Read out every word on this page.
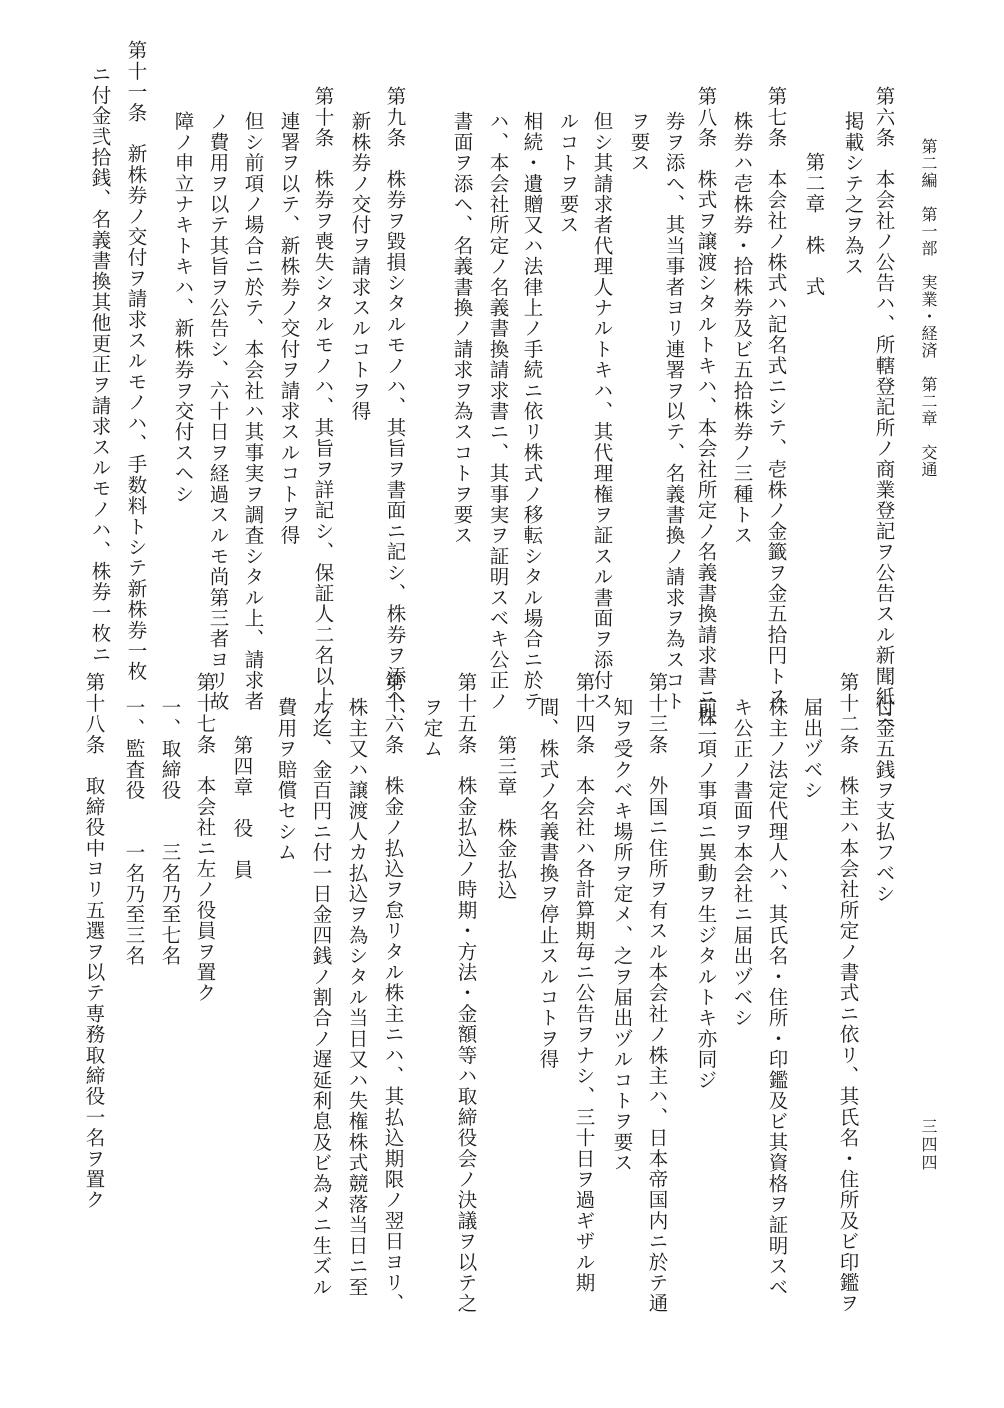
第二編　第一部　実業・経済　第二章　交通
三四四
第六条　本会社ノ公告ハ、所轄登記所ノ商業登記ヲ公告スル新聞紙ニ
掲載シテ之ヲ為ス
第二章　株　式
第七条　本会社ノ株式ハ記名式ニシテ、壱株ノ金籤ヲ金五拾円トス
株券ハ壱株券・拾株券及ビ五拾株券ノ三種トス
第八条　株式ヲ譲渡シタルトキハ、本会社所定ノ名義書換請求書ニ株
券ヲ添ヘ、其当事者ヨリ連署ヲ以テ、名義書換ノ請求ヲ為スコト
ヲ要ス
但シ其請求者代理人ナルトキハ、其代理権ヲ証スル書面ヲ添付ス
ルコトヲ要ス
相続・遺贈又ハ法律上ノ手続ニ依リ株式ノ移転シタル場合ニ於テ
ハ、本会社所定ノ名義書換請求書ニ、其事実ヲ証明スベキ公正ノ
書面ヲ添ヘ、名義書換ノ請求ヲ為スコトヲ要ス
第九条　株券ヲ毀損シタルモノハ、其旨ヲ書面ニ記シ、株券ヲ添ヘ、
新株券ノ交付ヲ請求スルコトヲ得
第十条　株券ヲ喪失シタルモノハ、其旨ヲ詳記シ、保証人二名以上ノ
連署ヲ以テ、新株券ノ交付ヲ請求スルコトヲ得
但シ前項ノ場合ニ於テ、本会社ハ其事実ヲ調査シタル上、請求者
ノ費用ヲ以テ其旨ヲ公告シ、六十日ヲ経過スルモ尚第三者ヨリ故
障ノ申立ナキトキハ、新株券ヲ交付スヘシ
第十一条　新株券ノ交付ヲ請求スルモノハ、手数料トシテ新株券一枚
ニ付金弐拾銭、名義書換其他更正ヲ請求スルモノハ、株券一枚ニ
付金五銭ヲ支払フベシ
第十二条　株主ハ本会社所定ノ書式ニ依リ、其氏名・住所及ビ印鑑ヲ
届出ヅベシ
株主ノ法定代理人ハ、其氏名・住所・印鑑及ビ其資格ヲ証明スベ
キ公正ノ書面ヲ本会社ニ届出ヅベシ
前二項ノ事項ニ異動ヲ生ジタルトキ亦同ジ
第十三条　外国ニ住所ヲ有スル本会社ノ株主ハ、日本帝国内ニ於テ通
知ヲ受クベキ場所ヲ定メ、之ヲ届出ヅルコトヲ要ス
第十四条　本会社ハ各計算期毎ニ公告ヲナシ、三十日ヲ過ギザル期
間、株式ノ名義書換ヲ停止スルコトヲ得
第三章　株金払込
第十五条　株金払込ノ時期・方法・金額等ハ取締役会ノ決議ヲ以テ之
ヲ定ム
第十六条　株金ノ払込ヲ怠リタル株主ニハ、其払込期限ノ翌日ヨリ、
株主又ハ譲渡人カ払込ヲ為シタル当日又ハ失権株式競落当日ニ至
ル迄、金百円ニ付一日金四銭ノ割合ノ遅延利息及ビ為メニ生ズル
費用ヲ賠償セシム
第四章　役　員
第十七条　本会社ニ左ノ役員ヲ置ク
一、取締役　　三名乃至七名
一、監査役　　一名乃至三名
第十八条　取締役中ヨリ五選ヲ以テ専務取締役一名ヲ置ク
